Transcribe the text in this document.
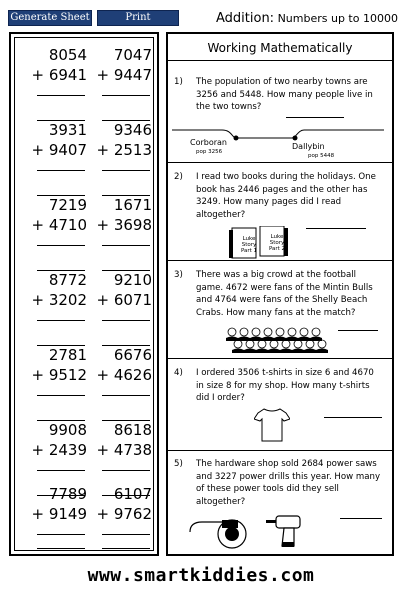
Generate Sheet	Print	Addition: Numbers up to 10000
8054
+ 6941
7047
+ 9447
3931
+ 9407
9346
+ 2513
7219
+ 4710
1671
+ 3698
8772
+ 3202
9210
+ 6071
2781
+ 9512
6676
+ 4626
9908
+ 2439
8618
+ 4738
7789
+ 9149
6107
+ 9762
Working Mathematically
1)	The population of two nearby towns are 3256 and 5448. How many people live in the two towns?
Corboran
pop 3256
Dallybin
pop 5448
2)	I read two books during the holidays. One book has 2446 pages and the other has 3249. How many pages did I read altogether?
Luke
Story
Part 1
Luke
Story
Part 2
3)	There was a big crowd at the football game. 4672 were fans of the Mintin Bulls and 4764 were fans of the Shelly Beach Crabs. How many fans at the match?
4)	I ordered 3506 t-shirts in size 6 and 4670 in size 8 for my shop. How many t-shirts did I order?
5)	The hardware shop sold 2684 power saws and 3227 power drills this year. How many of these power tools did they sell altogether?
www.smartkiddies.com
